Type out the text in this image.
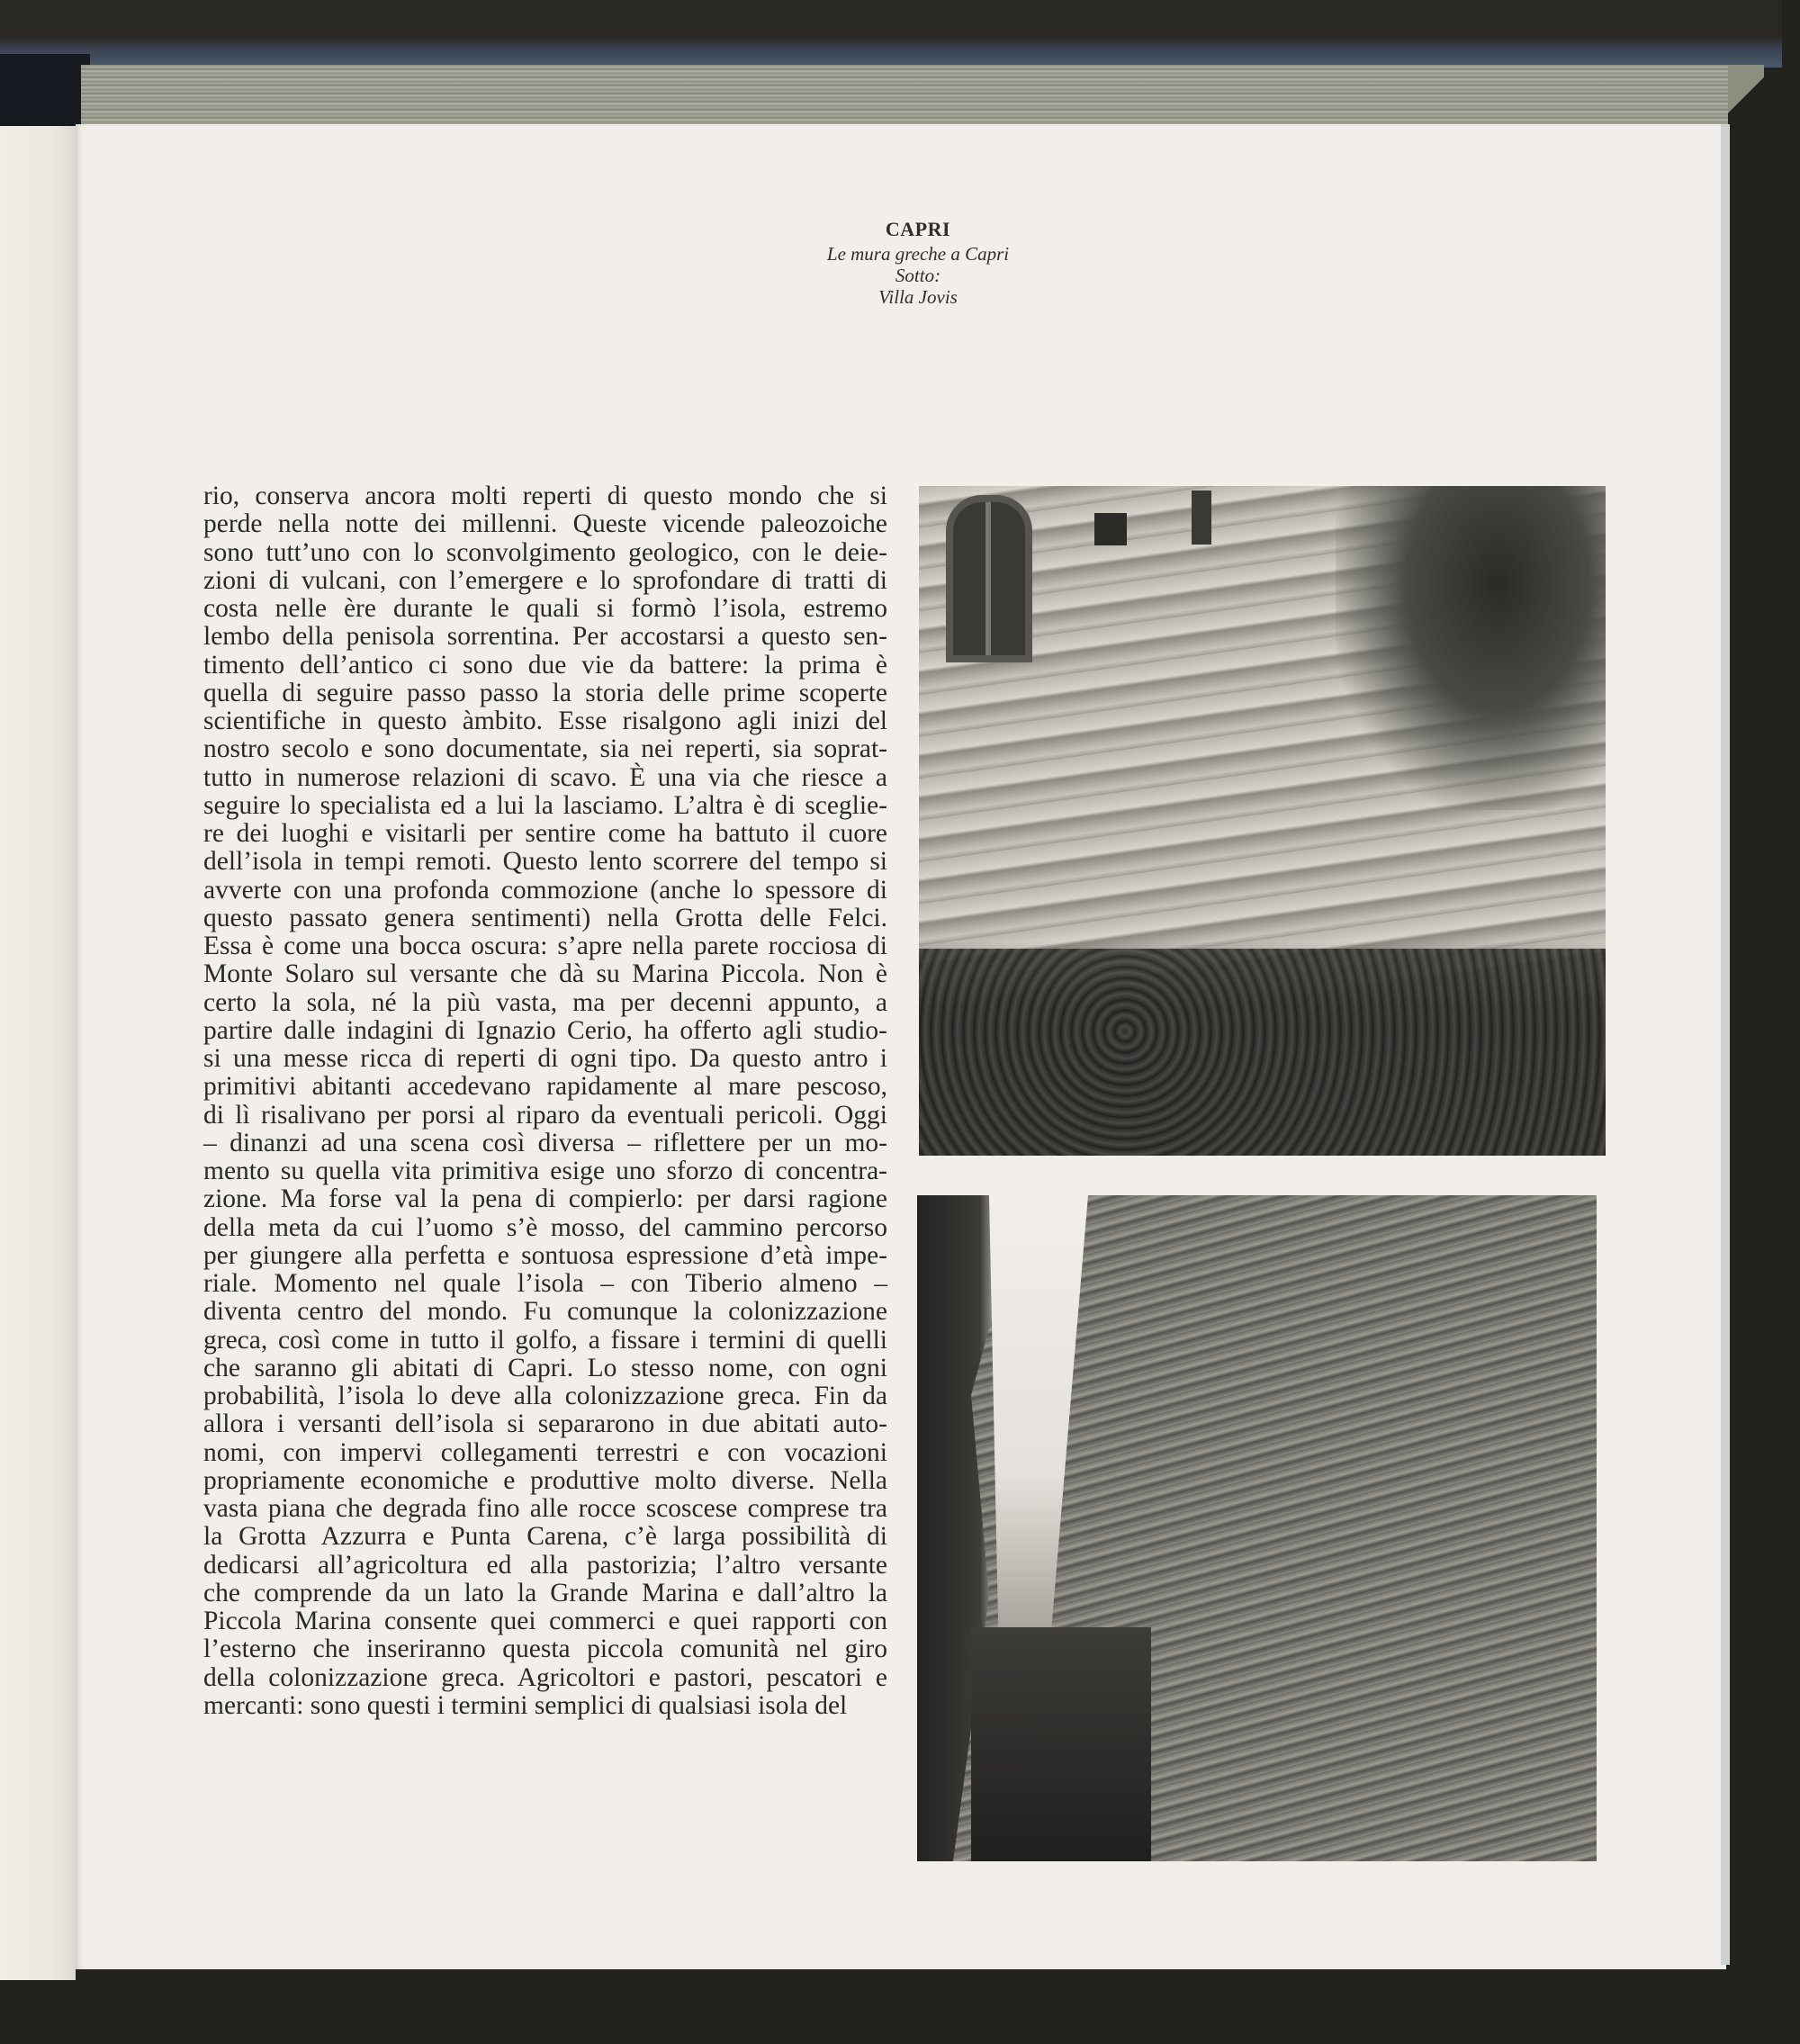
CAPRI
Le mura greche a Capri
Sotto:
Villa Jovis
rio, conserva ancora molti reperti di questo mondo che si
perde nella notte dei millenni. Queste vicende paleozoiche
sono tutt’uno con lo sconvolgimento geologico, con le deie-
zioni di vulcani, con l’emergere e lo sprofondare di tratti di
costa nelle ère durante le quali si formò l’isola, estremo
lembo della penisola sorrentina. Per accostarsi a questo sen-
timento dell’antico ci sono due vie da battere: la prima è
quella di seguire passo passo la storia delle prime scoperte
scientifiche in questo àmbito. Esse risalgono agli inizi del
nostro secolo e sono documentate, sia nei reperti, sia soprat-
tutto in numerose relazioni di scavo. È una via che riesce a
seguire lo specialista ed a lui la lasciamo. L’altra è di sceglie-
re dei luoghi e visitarli per sentire come ha battuto il cuore
dell’isola in tempi remoti. Questo lento scorrere del tempo si
avverte con una profonda commozione (anche lo spessore di
questo passato genera sentimenti) nella Grotta delle Felci.
Essa è come una bocca oscura: s’apre nella parete rocciosa di
Monte Solaro sul versante che dà su Marina Piccola. Non è
certo la sola, né la più vasta, ma per decenni appunto, a
partire dalle indagini di Ignazio Cerio, ha offerto agli studio-
si una messe ricca di reperti di ogni tipo. Da questo antro i
primitivi abitanti accedevano rapidamente al mare pescoso,
di lì risalivano per porsi al riparo da eventuali pericoli. Oggi
– dinanzi ad una scena così diversa – riflettere per un mo-
mento su quella vita primitiva esige uno sforzo di concentra-
zione. Ma forse val la pena di compierlo: per darsi ragione
della meta da cui l’uomo s’è mosso, del cammino percorso
per giungere alla perfetta e sontuosa espressione d’età impe-
riale. Momento nel quale l’isola – con Tiberio almeno –
diventa centro del mondo. Fu comunque la colonizzazione
greca, così come in tutto il golfo, a fissare i termini di quelli
che saranno gli abitati di Capri. Lo stesso nome, con ogni
probabilità, l’isola lo deve alla colonizzazione greca. Fin da
allora i versanti dell’isola si separarono in due abitati auto-
nomi, con impervi collegamenti terrestri e con vocazioni
propriamente economiche e produttive molto diverse. Nella
vasta piana che degrada fino alle rocce scoscese comprese tra
la Grotta Azzurra e Punta Carena, c’è larga possibilità di
dedicarsi all’agricoltura ed alla pastorizia; l’altro versante
che comprende da un lato la Grande Marina e dall’altro la
Piccola Marina consente quei commerci e quei rapporti con
l’esterno che inseriranno questa piccola comunità nel giro
della colonizzazione greca. Agricoltori e pastori, pescatori e
mercanti: sono questi i termini semplici di qualsiasi isola del
